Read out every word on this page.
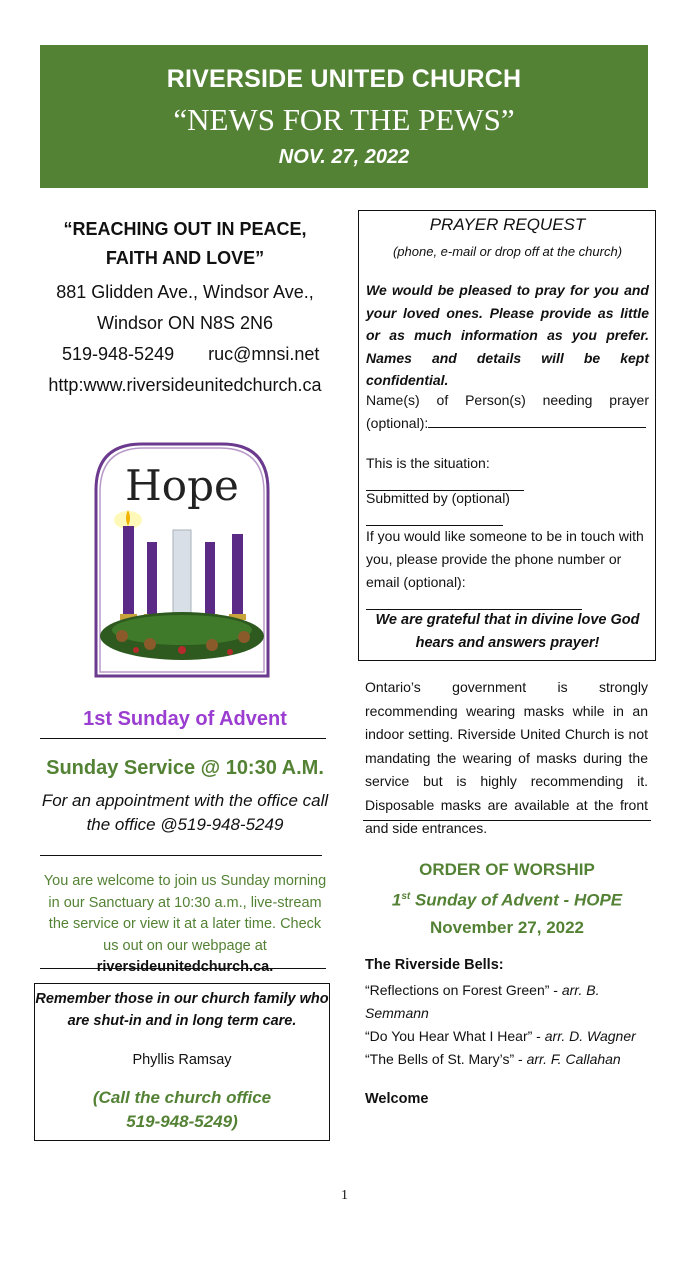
RIVERSIDE UNITED CHURCH
“NEWS FOR THE PEWS”
NOV. 27, 2022
“REACHING OUT IN PEACE, FAITH AND LOVE”
881 Glidden Ave., Windsor Ave.,
Windsor ON N8S 2N6
519-948-5249 ruc@mnsi.net
http:www.riversideunitedchurch.ca
Hope
1st Sunday of Advent
Sunday Service @ 10:30 A.M.
For an appointment with the office call the office @519-948-5249
You are welcome to join us Sunday morning in our Sanctuary at 10:30 a.m., live-stream the service or view it at a later time. Check us out on our webpage at riversideunitedchurch.ca.
Remember those in our church family who are shut-in and in long term care.
Phyllis Ramsay
(Call the church office
519-948-5249)
PRAYER REQUEST
(phone, e-mail or drop off at the church)
We would be pleased to pray for you and your loved ones. Please provide as little or as much information as you prefer. Names and details will be kept confidential.
Name(s) of Person(s) needing prayer (optional):
This is the situation:
Submitted by (optional)
If you would like someone to be in touch with you, please provide the phone number or email (optional):
We are grateful that in divine love God hears and answers prayer!
Ontario’s government is strongly recommending wearing masks while in an indoor setting. Riverside United Church is not mandating the wearing of masks during the service but is highly recommending it. Disposable masks are available at the front and side entrances.
ORDER OF WORSHIP
1st Sunday of Advent - HOPE
November 27, 2022
The Riverside Bells:
“Reflections on Forest Green” - arr. B. Semmann
“Do You Hear What I Hear” - arr. D. Wagner
“The Bells of St. Mary’s” - arr. F. Callahan
Welcome
1
